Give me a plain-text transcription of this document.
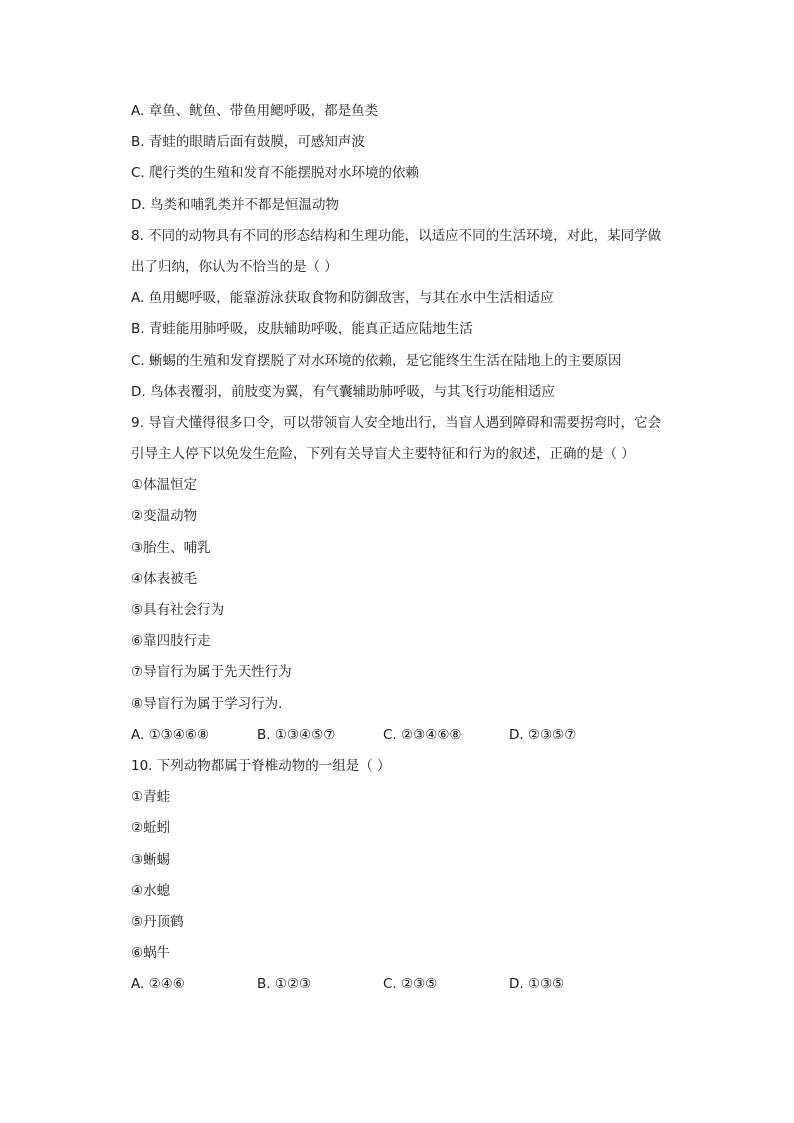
A. 章鱼、鱿鱼、带鱼用鳃呼吸，都是鱼类
B. 青蛙的眼睛后面有鼓膜，可感知声波
C. 爬行类的生殖和发育不能摆脱对水环境的依赖
D. 鸟类和哺乳类并不都是恒温动物
8. 不同的动物具有不同的形态结构和生理功能，以适应不同的生活环境，对此，某同学做
出了归纳，你认为不恰当的是（ ）
A. 鱼用鳃呼吸，能靠游泳获取食物和防御敌害，与其在水中生活相适应
B. 青蛙能用肺呼吸，皮肤辅助呼吸，能真正适应陆地生活
C. 蜥蜴的生殖和发育摆脱了对水环境的依赖，是它能终生生活在陆地上的主要原因
D. 鸟体表覆羽，前肢变为翼，有气囊辅助肺呼吸，与其飞行功能相适应
9. 导盲犬懂得很多口令，可以带领盲人安全地出行，当盲人遇到障碍和需要拐弯时，它会
引导主人停下以免发生危险，下列有关导盲犬主要特征和行为的叙述，正确的是（ ）
①体温恒定
②变温动物
③胎生、哺乳
④体表被毛
⑤具有社会行为
⑥靠四肢行走
⑦导盲行为属于先天性行为
⑧导盲行为属于学习行为.
A. ①③④⑥⑧	B. ①③④⑤⑦	C. ②③④⑥⑧	D. ②③⑤⑦
10. 下列动物都属于脊椎动物的一组是（ ）
①青蛙
②蚯蚓
③蜥蜴
④水螅
⑤丹顶鹤
⑥蜗牛
A. ②④⑥	B. ①②③	C. ②③⑤	D. ①③⑤
